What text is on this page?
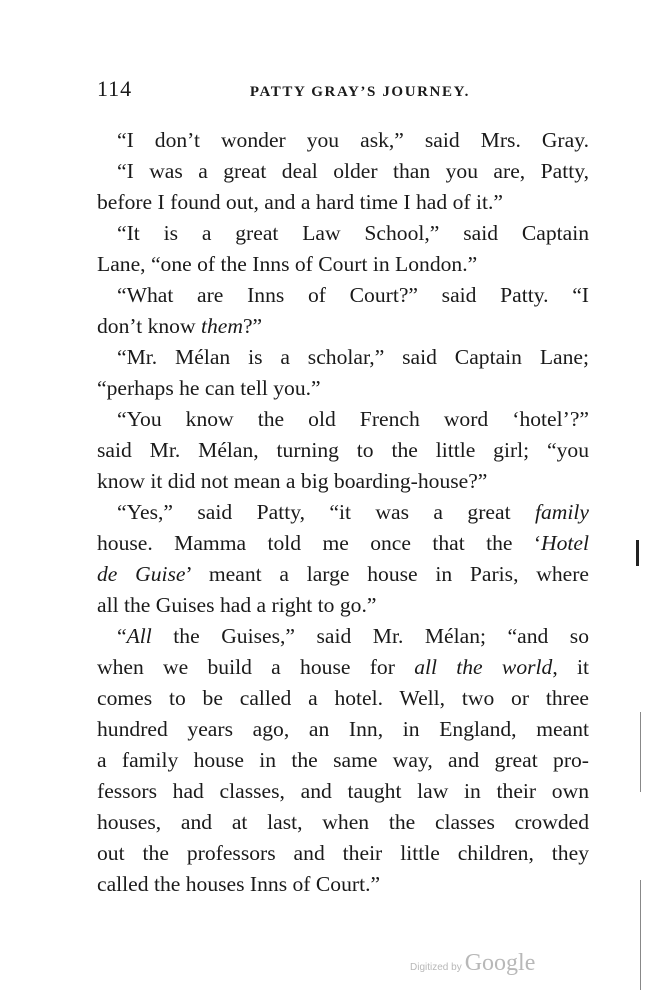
114	PATTY GRAY’S JOURNEY.
“I don’t wonder you ask,” said Mrs. Gray.
“I was a great deal older than you are, Patty,
before I found out, and a hard time I had of it.”
“It is a great Law School,” said Captain
Lane, “one of the Inns of Court in London.”
“What are Inns of Court?” said Patty. “I
don’t know them?”
“Mr. Mélan is a scholar,” said Captain Lane;
“perhaps he can tell you.”
“You know the old French word ‘hotel’?”
said Mr. Mélan, turning to the little girl; “you
know it did not mean a big boarding-house?”
“Yes,” said Patty, “it was a great family
house. Mamma told me once that the ‘Hotel
de Guise’ meant a large house in Paris, where
all the Guises had a right to go.”
“All the Guises,” said Mr. Mélan; “and so
when we build a house for all the world, it
comes to be called a hotel. Well, two or three
hundred years ago, an Inn, in England, meant
a family house in the same way, and great pro-
fessors had classes, and taught law in their own
houses, and at last, when the classes crowded
out the professors and their little children, they
called the houses Inns of Court.”
Digitized by Google
